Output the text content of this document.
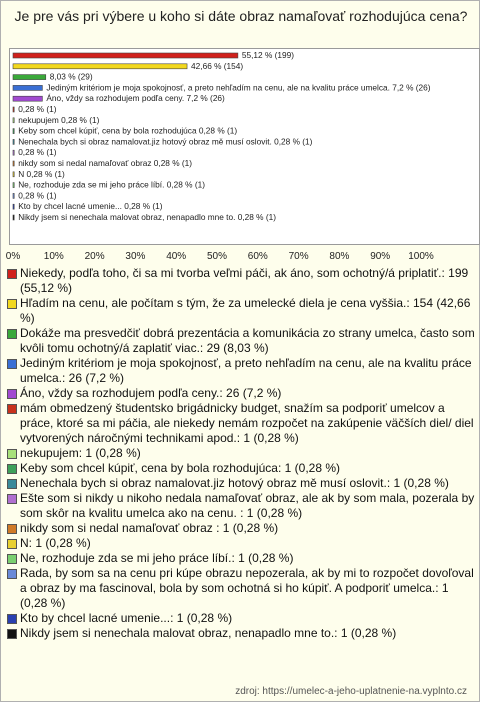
Je pre vás pri výbere u koho si dáte obraz namaľovať rozhodujúca cena?
55,12 % (199)
42,66 % (154)
8,03 % (29)
Jediným kritériom je moja spokojnosť, a preto nehľadím na cenu, ale na kvalitu práce umelca. 7,2 % (26)
Áno, vždy sa rozhodujem podľa ceny. 7,2 % (26)
0,28 % (1)
nekupujem 0,28 % (1)
Keby som chcel kúpiť, cena by bola rozhodujúca 0,28 % (1)
Nenechala bych si obraz namalovat.jiz hotový obraz mě musí oslovit. 0,28 % (1)
0,28 % (1)
nikdy som si nedal namaľovať obraz 0,28 % (1)
N 0,28 % (1)
Ne, rozhoduje zda se mi jeho práce líbí. 0,28 % (1)
0,28 % (1)
Kto by chcel lacné umenie... 0,28 % (1)
Nikdy jsem si nenechala malovat obraz, nenapadlo mne to. 0,28 % (1)
0% 10% 20% 30% 40% 50% 60% 70% 80% 90% 100%
Niekedy, podľa toho, či sa mi tvorba veľmi páči, ak áno, som ochotný/á priplatiť.: 199 (55,12 %)
Hľadím na cenu, ale počítam s tým, že za umelecké diela je cena vyššia.: 154 (42,66 %)
Dokáže ma presvedčiť dobrá prezentácia a komunikácia zo strany umelca, často som kvôli tomu ochotný/á zaplatiť viac.: 29 (8,03 %)
Jediným kritériom je moja spokojnosť, a preto nehľadím na cenu, ale na kvalitu práce umelca.: 26 (7,2 %)
Áno, vždy sa rozhodujem podľa ceny.: 26 (7,2 %)
mám obmedzený študentsko brigádnicky budget, snažím sa podporiť umelcov a práce, ktoré sa mi páčia, ale niekedy nemám rozpočet na zakúpenie väčších diel/ diel vytvorených náročnými technikami apod.: 1 (0,28 %)
nekupujem: 1 (0,28 %)
Keby som chcel kúpiť, cena by bola rozhodujúca: 1 (0,28 %)
Nenechala bych si obraz namalovat.jiz hotový obraz mě musí oslovit.: 1 (0,28 %)
Ešte som si nikdy u nikoho nedala namaľovať obraz, ale ak by som mala, pozerala by som skôr na kvalitu umelca ako na cenu. : 1 (0,28 %)
nikdy som si nedal namaľovať obraz : 1 (0,28 %)
N: 1 (0,28 %)
Ne, rozhoduje zda se mi jeho práce líbí.: 1 (0,28 %)
Rada, by som sa na cenu pri kúpe obrazu nepozerala, ak by mi to rozpočet dovoľoval a obraz by ma fascinoval, bola by som ochotná si ho kúpiť. A podporiť umelca.: 1 (0,28 %)
Kto by chcel lacné umenie...: 1 (0,28 %)
Nikdy jsem si nenechala malovat obraz, nenapadlo mne to.: 1 (0,28 %)
zdroj: https://umelec-a-jeho-uplatnenie-na.vyplnto.cz
